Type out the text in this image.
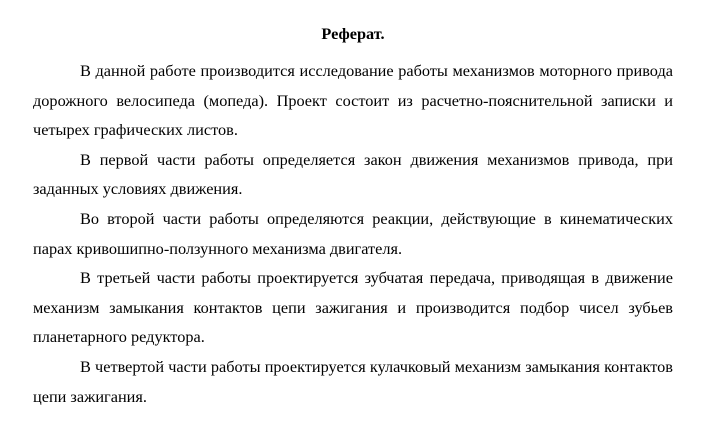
Реферат.

В данной работе производится исследование работы механизмов моторного привода дорожного велосипеда (мопеда). Проект состоит из расчетно-пояснительной записки и четырех графических листов.

В первой части работы определяется закон движения механизмов привода, при заданных условиях движения.

Во второй части работы определяются реакции, действующие в кинематических парах кривошипно-ползунного механизма двигателя.

В третьей части работы проектируется зубчатая передача, приводящая в движение механизм замыкания контактов цепи зажигания и производится подбор чисел зубьев планетарного редуктора.

В четвертой части работы проектируется кулачковый механизм замыкания контактов цепи зажигания.
